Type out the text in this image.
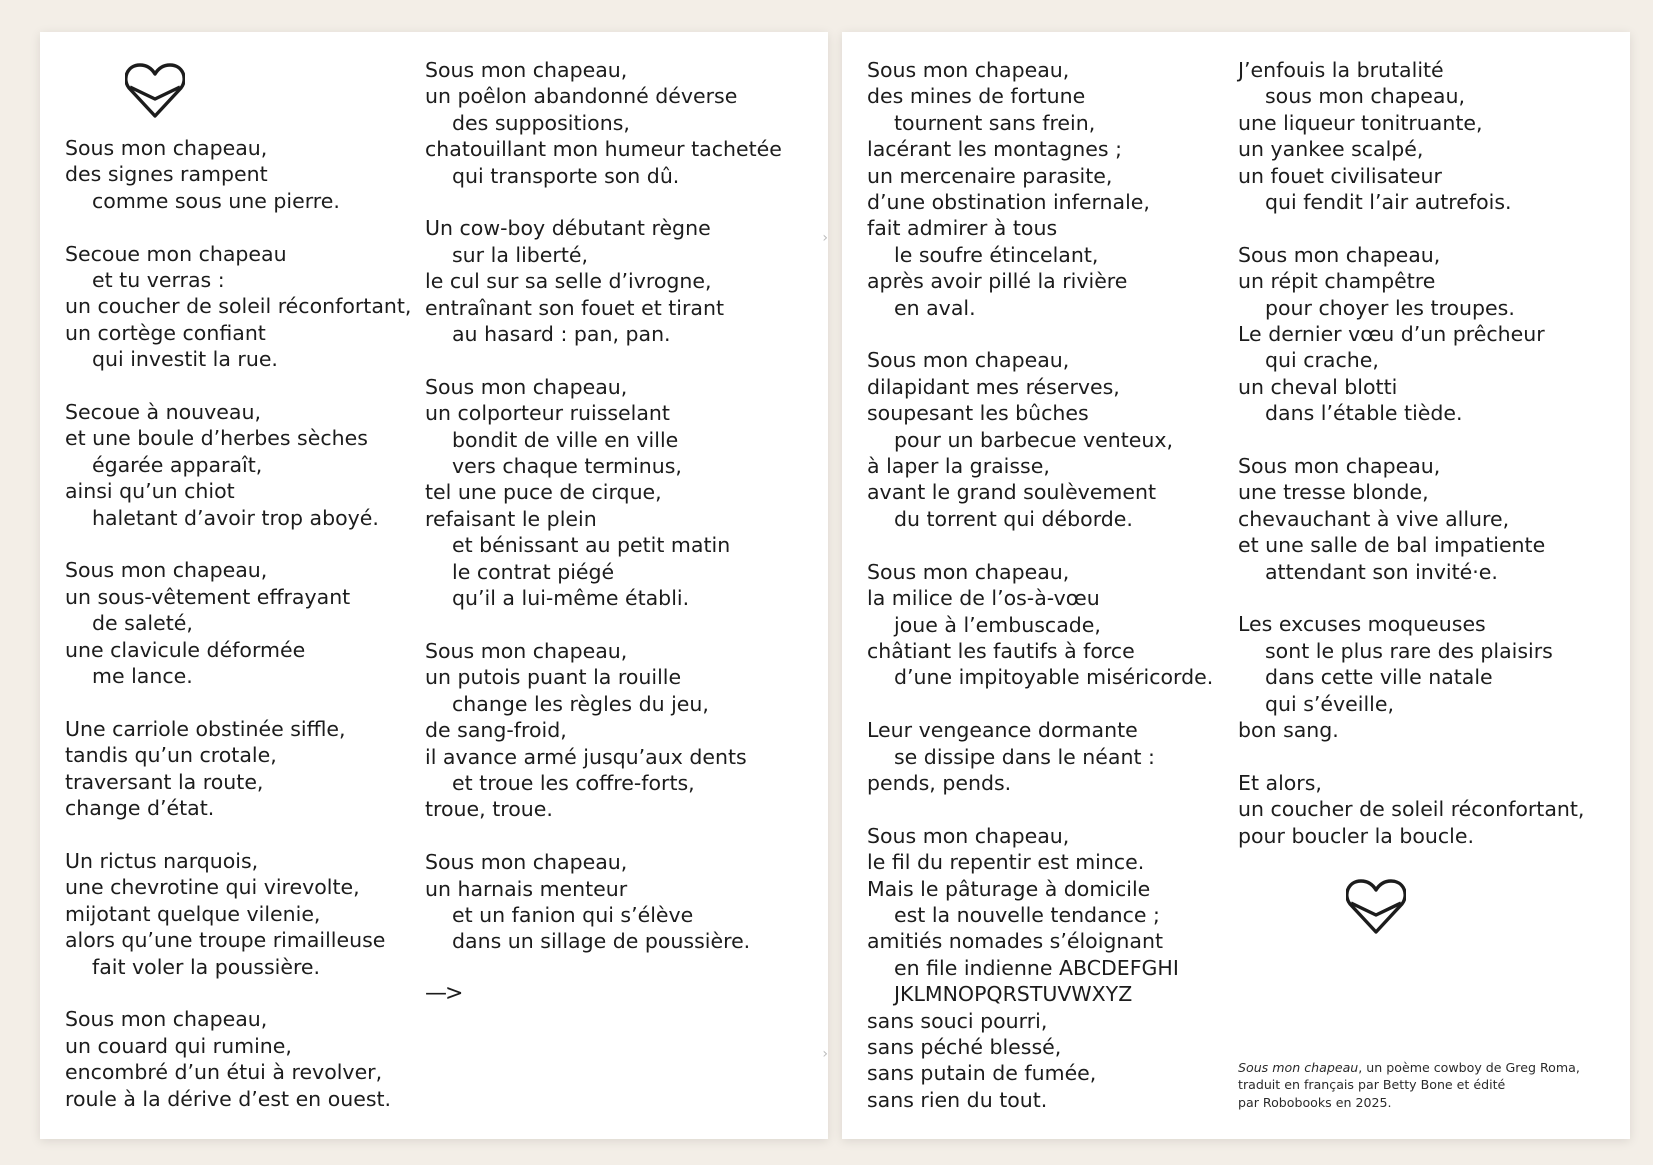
Sous mon chapeau,
des signes rampent
comme sous une pierre.
Secoue mon chapeau
et tu verras :
un coucher de soleil réconfortant,
un cortège confiant
qui investit la rue.
Secoue à nouveau,
et une boule d’herbes sèches
égarée apparaît,
ainsi qu’un chiot
haletant d’avoir trop aboyé.
Sous mon chapeau,
un sous-vêtement effrayant
de saleté,
une clavicule déformée
me lance.
Une carriole obstinée siffle,
tandis qu’un crotale,
traversant la route,
change d’état.
Un rictus narquois,
une chevrotine qui virevolte,
mijotant quelque vilenie,
alors qu’une troupe rimailleuse
fait voler la poussière.
Sous mon chapeau,
un couard qui rumine,
encombré d’un étui à revolver,
roule à la dérive d’est en ouest.
Sous mon chapeau,
un poêlon abandonné déverse
des suppositions,
chatouillant mon humeur tachetée
qui transporte son dû.
Un cow-boy débutant règne
sur la liberté,
le cul sur sa selle d’ivrogne,
entraînant son fouet et tirant
au hasard : pan, pan.
Sous mon chapeau,
un colporteur ruisselant
bondit de ville en ville
vers chaque terminus,
tel une puce de cirque,
refaisant le plein
et bénissant au petit matin
le contrat piégé
qu’il a lui-même établi.
Sous mon chapeau,
un putois puant la rouille
change les règles du jeu,
de sang-froid,
il avance armé jusqu’aux dents
et troue les coffre-forts,
troue, troue.
Sous mon chapeau,
un harnais menteur
et un fanion qui s’élève
dans un sillage de poussière.
—>
›
›
Sous mon chapeau,
des mines de fortune
tournent sans frein,
lacérant les montagnes ;
un mercenaire parasite,
d’une obstination infernale,
fait admirer à tous
le soufre étincelant,
après avoir pillé la rivière
en aval.
Sous mon chapeau,
dilapidant mes réserves,
soupesant les bûches
pour un barbecue venteux,
à laper la graisse,
avant le grand soulèvement
du torrent qui déborde.
Sous mon chapeau,
la milice de l’os-à-vœu
joue à l’embuscade,
châtiant les fautifs à force
d’une impitoyable miséricorde.
Leur vengeance dormante
se dissipe dans le néant :
pends, pends.
Sous mon chapeau,
le fil du repentir est mince.
Mais le pâturage à domicile
est la nouvelle tendance ;
amitiés nomades s’éloignant
en file indienne ABCDEFGHI
JKLMNOPQRSTUVWXYZ
sans souci pourri,
sans péché blessé,
sans putain de fumée,
sans rien du tout.
J’enfouis la brutalité
sous mon chapeau,
une liqueur tonitruante,
un yankee scalpé,
un fouet civilisateur
qui fendit l’air autrefois.
Sous mon chapeau,
un répit champêtre
pour choyer les troupes.
Le dernier vœu d’un prêcheur
qui crache,
un cheval blotti
dans l’étable tiède.
Sous mon chapeau,
une tresse blonde,
chevauchant à vive allure,
et une salle de bal impatiente
attendant son invité·e.
Les excuses moqueuses
sont le plus rare des plaisirs
dans cette ville natale
qui s’éveille,
bon sang.
Et alors,
un coucher de soleil réconfortant,
pour boucler la boucle.
Sous mon chapeau, un poème cowboy de Greg Roma,
traduit en français par Betty Bone et édité
par Robobooks en 2025.
